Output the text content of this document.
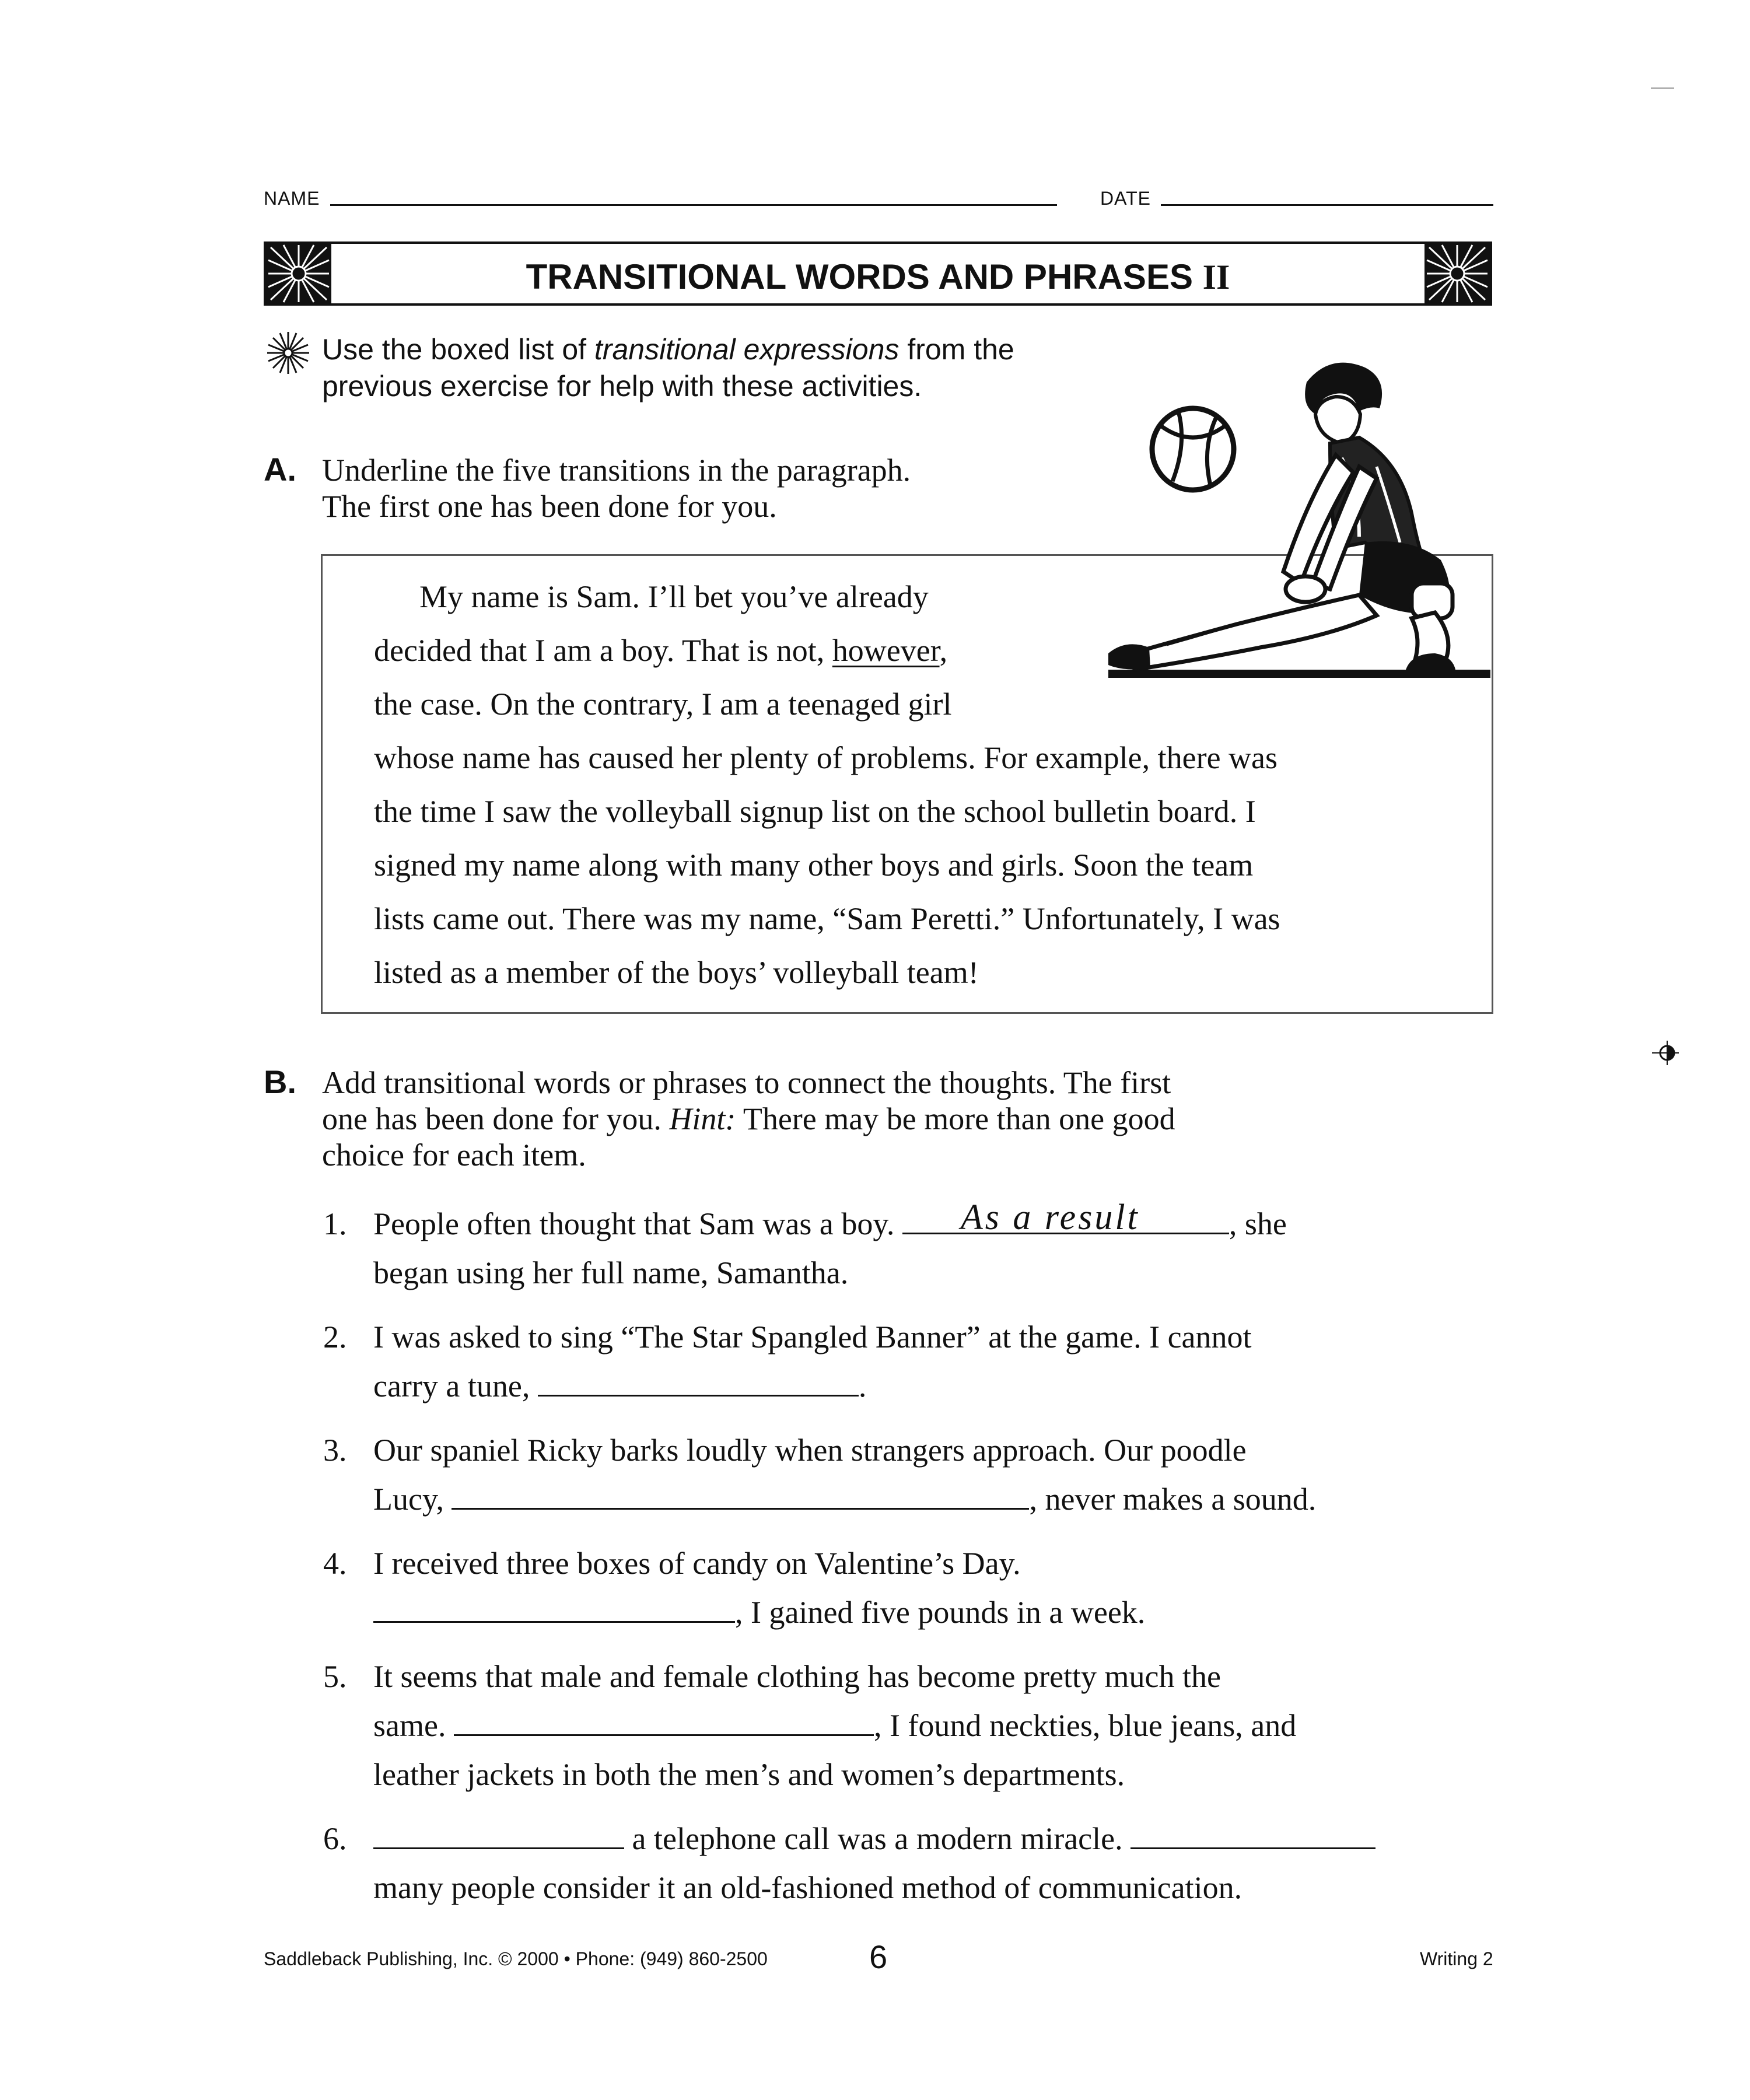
NAME	DATE
TRANSITIONAL WORDS AND PHRASES II
Use the boxed list of transitional expressions from the
previous exercise for help with these activities.
A. Underline the five transitions in the paragraph.
The first one has been done for you.
My name is Sam. I’ll bet you’ve already
decided that I am a boy. That is not, however,
the case. On the contrary, I am a teenaged girl
whose name has caused her plenty of problems. For example, there was
the time I saw the volleyball signup list on the school bulletin board. I
signed my name along with many other boys and girls. Soon the team
lists came out. There was my name, “Sam Peretti.” Unfortunately, I was
listed as a member of the boys’ volleyball team!
B. Add transitional words or phrases to connect the thoughts. The first
one has been done for you. Hint: There may be more than one good
choice for each item.
1. People often thought that Sam was a boy. As a result	, she
began using her full name, Samantha.
2. I was asked to sing “The Star Spangled Banner” at the game. I cannot
carry a tune,	.
3. Our spaniel Ricky barks loudly when strangers approach. Our poodle
Lucy,	, never makes a sound.
4. I received three boxes of candy on Valentine’s Day.
, I gained five pounds in a week.
5. It seems that male and female clothing has become pretty much the
same.	, I found neckties, blue jeans, and
leather jackets in both the men’s and women’s departments.
6.	a telephone call was a modern miracle.
many people consider it an old-fashioned method of communication.
Saddleback Publishing, Inc. © 2000 • Phone: (949) 860-2500	6	Writing 2
